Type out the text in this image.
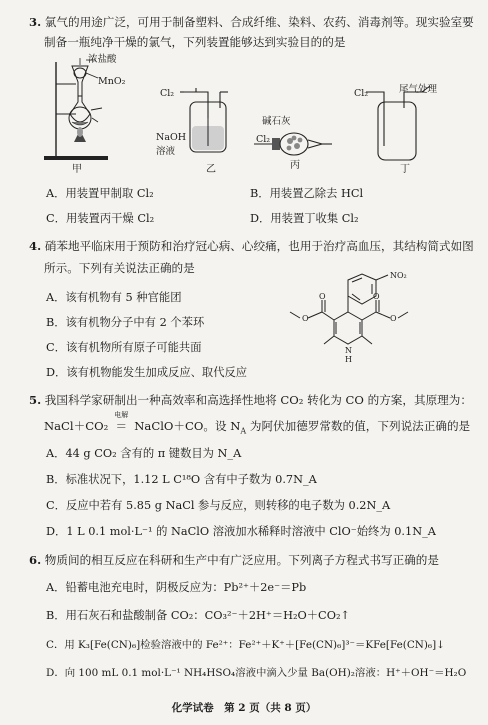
3. 氯气的用途广泛，可用于制备塑料、合成纤维、染料、农药、消毒剂等。现实验室要
制备一瓶纯净干燥的氯气，下列装置能够达到实验目的的是
浓盐酸
MnO₂
甲
Cl₂
NaOH
溶液
乙
碱石灰
Cl₂
丙
Cl₂	尾气处理
丁
A．用装置甲制取 Cl₂	B．用装置乙除去 HCl
C．用装置丙干燥 Cl₂	D．用装置丁收集 Cl₂
4. 硝苯地平临床用于预防和治疗冠心病、心绞痛，也用于治疗高血压，其结构简式如图
所示。下列有关说法正确的是
A．该有机物有 5 种官能团
B．该有机物分子中有 2 个苯环
C．该有机物所有原子可能共面
D．该有机物能发生加成反应、取代反应
O
O
O
O
NO₂
N
H
5. 我国科学家研制出一种高效率和高选择性地将 CO₂ 转化为 CO 的方案，其原理为：
NaCl＋CO₂
电解
＝ NaClO＋CO。设 $N_A$ 为阿伏加德罗常数的值，下列说法正确的是
A．44 g CO₂ 含有的 π 键数目为 N_A
B．标准状况下，1.12 L C¹⁸O 含有中子数为 0.7N_A
C．反应中若有 5.85 g NaCl 参与反应，则转移的电子数为 0.2N_A
D．1 L 0.1 mol·L⁻¹ 的 NaClO 溶液加水稀释时溶液中 ClO⁻始终为 0.1N_A
6. 物质间的相互反应在科研和生产中有广泛应用。下列离子方程式书写正确的是
A．铅蓄电池充电时，阴极反应为：Pb²⁺＋2e⁻＝Pb
B．用石灰石和盐酸制备 CO₂：CO₃²⁻＋2H⁺＝H₂O＋CO₂↑
C．用 K₃[Fe(CN)₆]检验溶液中的 Fe²⁺：Fe²⁺＋K⁺＋[Fe(CN)₆]³⁻＝KFe[Fe(CN)₆]↓
D．向 100 mL 0.1 mol·L⁻¹ NH₄HSO₄溶液中滴入少量 Ba(OH)₂溶液：H⁺＋OH⁻＝H₂O
化学试卷　第 2 页（共 8 页）
